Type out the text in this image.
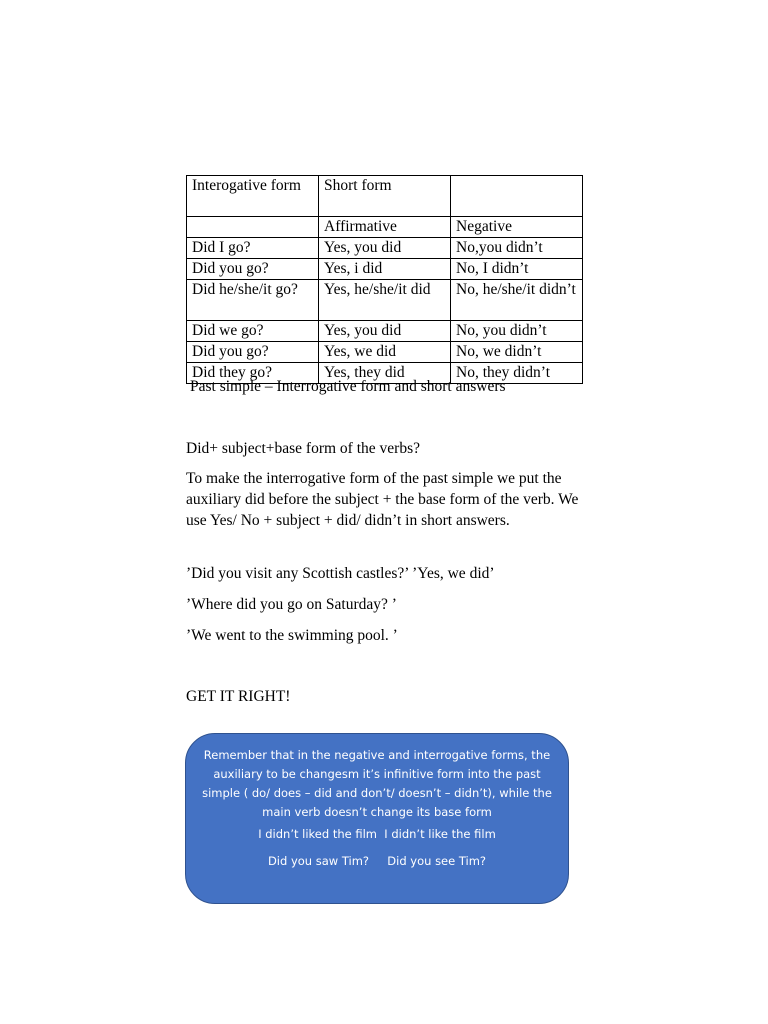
Interogative form	Short form	
	Affirmative	Negative
Did I go?	Yes, you did	No,you didn’t
Did you go?	Yes, i did	No, I didn’t
Did he/she/it go?	Yes, he/she/it did	No, he/she/it didn’t
Did we go?	Yes, you did	No, you didn’t
Did you go?	Yes, we did	No, we didn’t
Did they go?	Yes, they did	No, they didn’t
Past simple – Interrogative form and short answers

Did+ subject+base form of the verbs?

To make the interrogative form of the past simple we put the auxiliary did before the subject + the base form of the verb. We use Yes/ No + subject + did/ didn’t in short answers.

’Did you visit any Scottish castles?’ ’Yes, we did’

’Where did you go on Saturday? ’

’We went to the swimming pool. ’

GET IT RIGHT!

Remember that in the negative and interrogative forms, the auxiliary to be changesm it’s infinitive form into the past simple ( do/ does – did and don’t/ doesn’t – didn’t), while the main verb doesn’t change its base form

I didn’t liked the film  I didn’t like the film

Did you saw Tim?     Did you see Tim?
